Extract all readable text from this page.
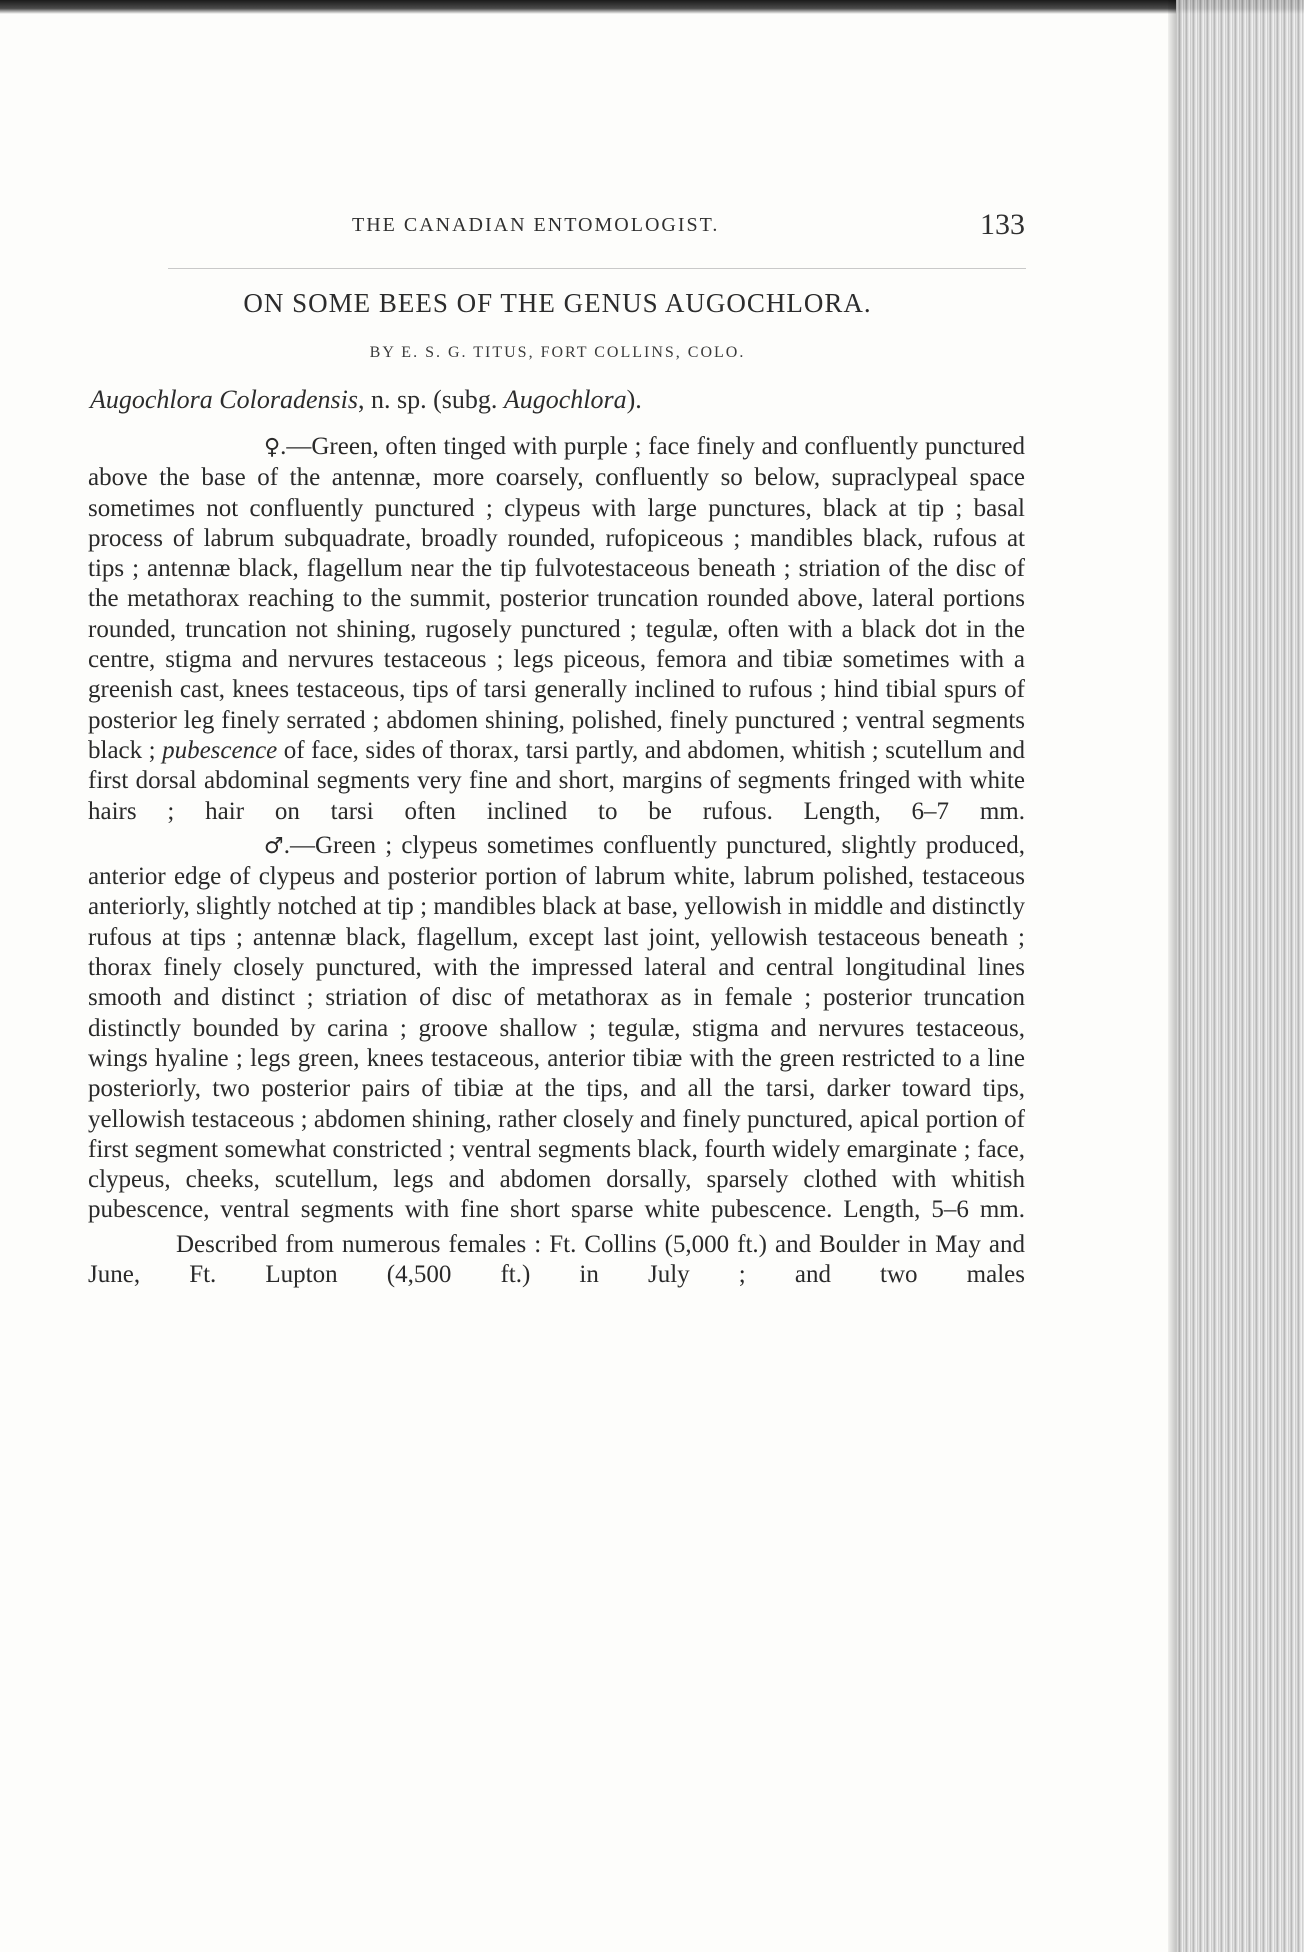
THE CANADIAN ENTOMOLOGIST.	133
ON SOME BEES OF THE GENUS AUGOCHLORA.
BY E. S. G. TITUS, FORT COLLINS, COLO.
Augochlora Coloradensis, n. sp. (subg. Augochlora).

♀.—Green, often tinged with purple ; face finely and confluently punctured above the base of the antennæ, more coarsely, confluently so below, supraclypeal space sometimes not confluently punctured ; clypeus with large punctures, black at tip ; basal process of labrum subquadrate, broadly rounded, rufopiceous ; mandibles black, rufous at tips ; antennæ black, flagellum near the tip fulvotestaceous beneath ; striation of the disc of the metathorax reaching to the summit, posterior truncation rounded above, lateral portions rounded, truncation not shining, rugosely punctured ; tegulæ, often with a black dot in the centre, stigma and nervures testaceous ; legs piceous, femora and tibiæ sometimes with a greenish cast, knees testaceous, tips of tarsi generally inclined to rufous ; hind tibial spurs of posterior leg finely serrated ; abdomen shining, polished, finely punctured ; ventral segments black ; pubescence of face, sides of thorax, tarsi partly, and abdomen, whitish ; scutellum and first dorsal abdominal segments very fine and short, margins of segments fringed with white hairs ; hair on tarsi often inclined to be rufous. Length, 6–7 mm.

♂.—Green ; clypeus sometimes confluently punctured, slightly produced, anterior edge of clypeus and posterior portion of labrum white, labrum polished, testaceous anteriorly, slightly notched at tip ; mandibles black at base, yellowish in middle and distinctly rufous at tips ; antennæ black, flagellum, except last joint, yellowish testaceous beneath ; thorax finely closely punctured, with the impressed lateral and central longitudinal lines smooth and distinct ; striation of disc of metathorax as in female ; posterior truncation distinctly bounded by carina ; groove shallow ; tegulæ, stigma and nervures testaceous, wings hyaline ; legs green, knees testaceous, anterior tibiæ with the green restricted to a line posteriorly, two posterior pairs of tibiæ at the tips, and all the tarsi, darker toward tips, yellowish testaceous ; abdomen shining, rather closely and finely punctured, apical portion of first segment somewhat constricted ; ventral segments black, fourth widely emarginate ; face, clypeus, cheeks, scutellum, legs and abdomen dorsally, sparsely clothed with whitish pubescence, ventral segments with fine short sparse white pubescence. Length, 5–6 mm.

Described from numerous females : Ft. Collins (5,000 ft.) and Boulder in May and June, Ft. Lupton (4,500 ft.) in July ; and two males
